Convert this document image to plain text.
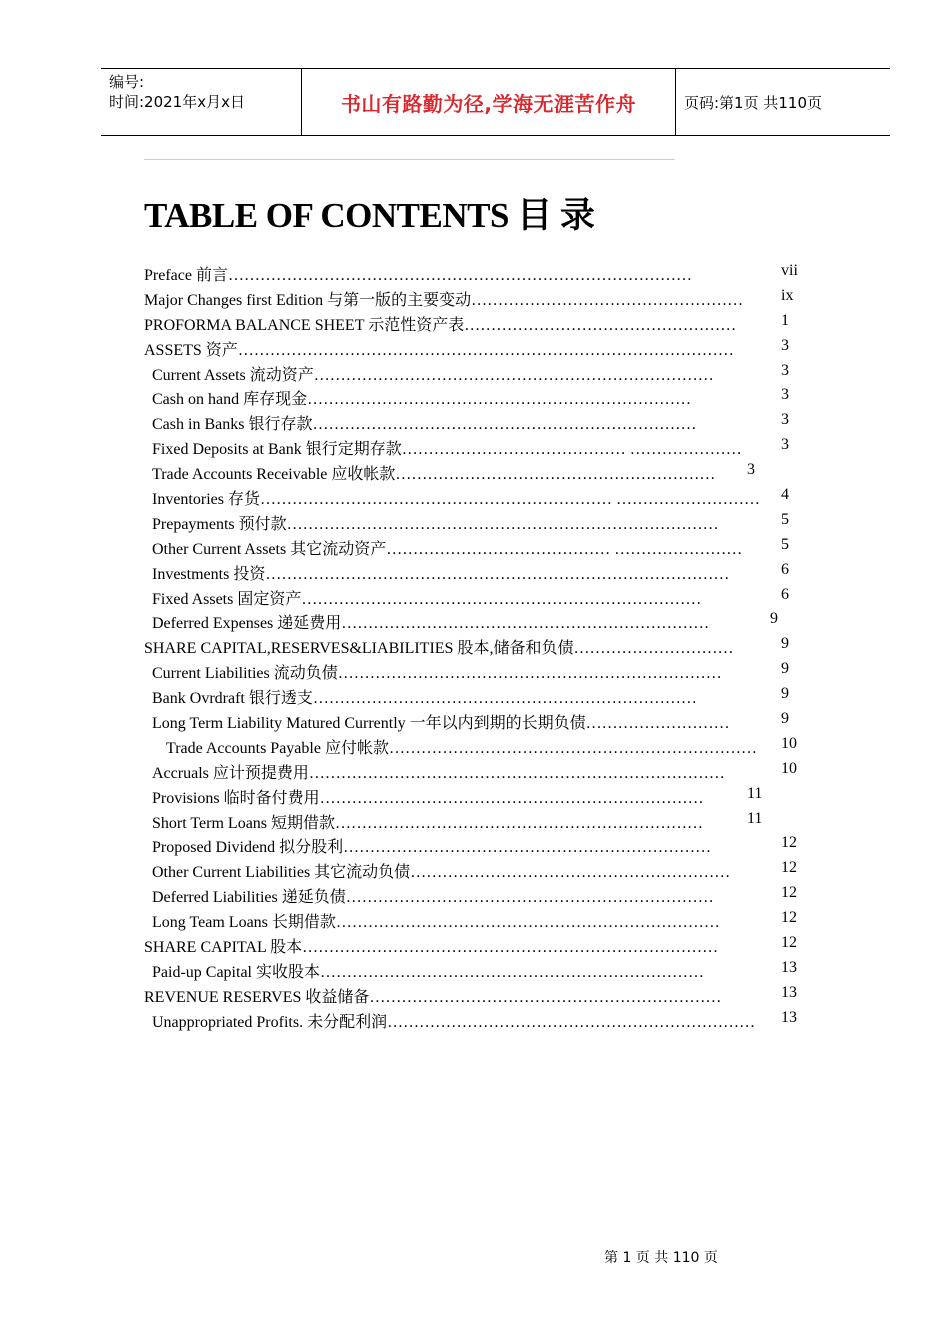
编号:
时间:2021年x月x日	书山有路勤为径,学海无涯苦作舟	页码:第1页 共110页
TABLE OF CONTENTS 目 录
Preface 前言……………………………………………………………………………	vii
Major Changes first Edition 与第一版的主要变动…………………………………………… ix
PROFORMA BALANCE SHEET 示范性资产表……………………………………………	1
ASSETS 资产…………………………………………………………………………………	3
Current Assets 流动资产…………………………………………………………………	3
Cash on hand 库存现金………………………………………………………………	3
Cash in Banks 银行存款………………………………………………………………	3
Fixed Deposits at Bank 银行定期存款…………………………………… ………………… 3
Trade Accounts Receivable 应收帐款…………………………………………………… 3
Inventories 存货………………………………………………………… ……………………… 4
Prepayments 预付款………………………………………………………………………	5
Other Current Assets 其它流动资产…………………………………… …………………… 5
Investments 投资……………………………………………………………………………	6
Fixed Assets 固定资产…………………………………………………………………	6
Deferred Expenses 递延费用……………………………………………………………	9
SHARE CAPITAL,RESERVES&LIABILITIES 股本,储备和负债…………………………	9
Current Liabilities 流动负债………………………………………………………………	9
Bank Ovrdraft 银行透支………………………………………………………………	9
Long Term Liability Matured Currently 一年以内到期的长期负债………………………	9
Trade Accounts Payable 应付帐款…………………………………………………………… 10
Accruals 应计预提费用……………………………………………………………………	10
Provisions 临时备付费用………………………………………………………………	11
Short Term Loans 短期借款……………………………………………………………	11
Proposed Dividend 拟分股利……………………………………………………………	12
Other Current Liabilities 其它流动负债……………………………………………………	12
Deferred Liabilities 递延负债……………………………………………………………	12
Long Team Loans 长期借款………………………………………………………………	12
SHARE CAPITAL 股本……………………………………………………………………	12
Paid-up Capital 实收股本………………………………………………………………	13
REVENUE RESERVES 收益储备…………………………………………………………	13
Unappropriated Profits. 未分配利润…………………………………………………………… 13
第 1 页 共 110 页
